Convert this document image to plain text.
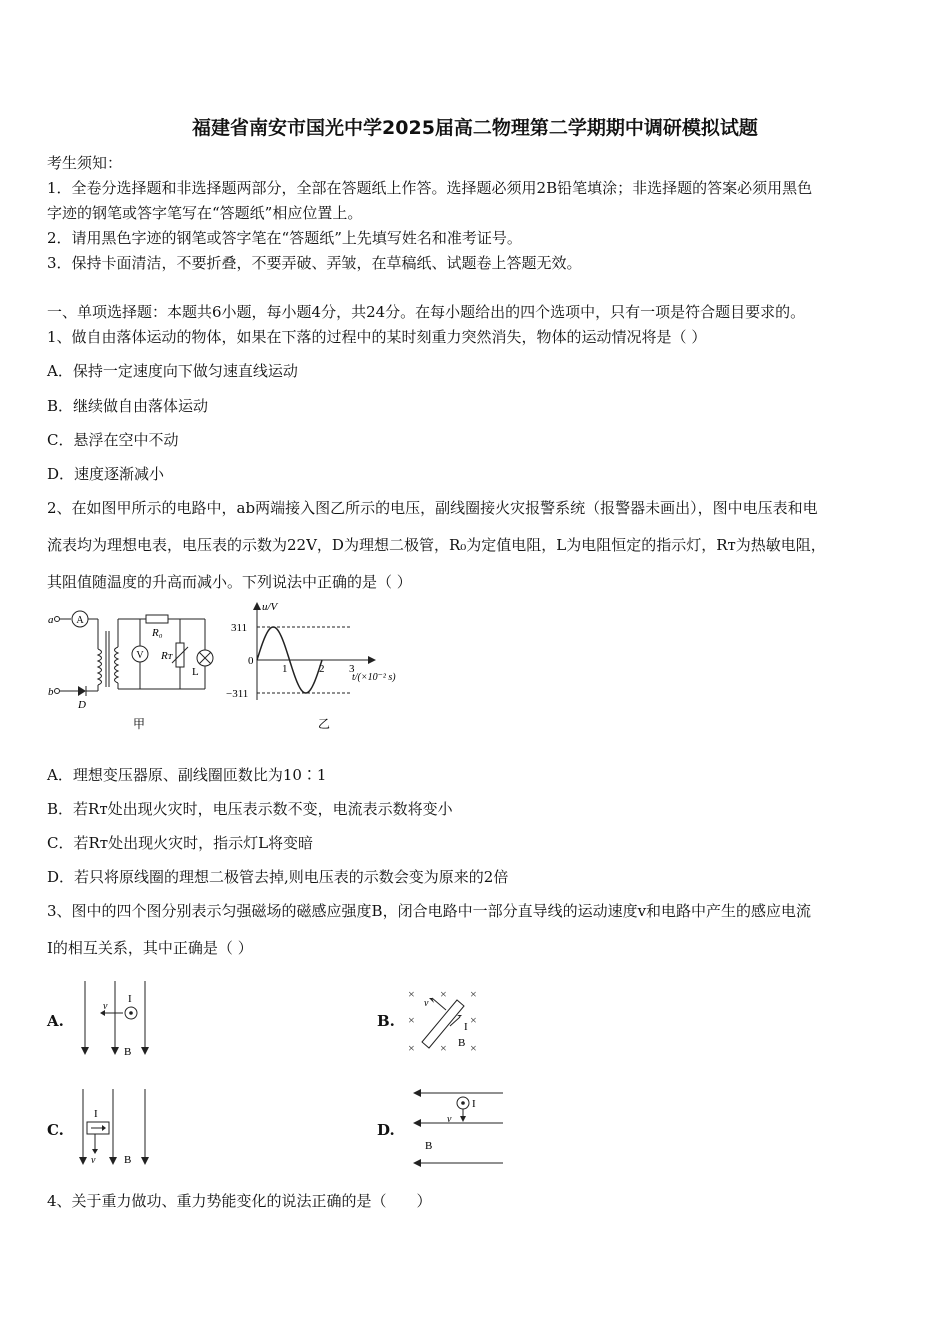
福建省南安市国光中学2025届高二物理第二学期期中调研模拟试题
考生须知：
1．全卷分选择题和非选择题两部分，全部在答题纸上作答。选择题必须用2B铅笔填涂；非选择题的答案必须用黑色
字迹的钢笔或答字笔写在“答题纸”相应位置上。
2．请用黑色字迹的钢笔或答字笔在“答题纸”上先填写姓名和准考证号。
3．保持卡面清洁，不要折叠，不要弄破、弄皱，在草稿纸、试题卷上答题无效。
一、单项选择题：本题共6小题，每小题4分，共24分。在每小题给出的四个选项中，只有一项是符合题目要求的。
1、做自由落体运动的物体，如果在下落的过程中的某时刻重力突然消失，物体的运动情况将是（ ）
A．保持一定速度向下做匀速直线运动
B．继续做自由落体运动
C．悬浮在空中不动
D．速度逐渐减小
2、在如图甲所示的电路中，ab两端接入图乙所示的电压，副线圈接火灾报警系统（报警器未画出），图中电压表和电
流表均为理想电表，电压表的示数为22V，D为理想二极管，R₀为定值电阻，L为电阻恒定的指示灯，Rᴛ为热敏电阻，
其阻值随温度的升高而减小。下列说法中正确的是（ ）
a
b
A
V
D
R₀
Rᴛ
L
甲
u/V
311
−311
0
1	2 3
t/(×10⁻² s)
乙
A．理想变压器原、副线圈匝数比为10∶1
B．若Rᴛ处出现火灾时，电压表示数不变，电流表示数将变小
C．若Rᴛ处出现火灾时，指示灯L将变暗
D．若只将原线圈的理想二极管去掉,则电压表的示数会变为原来的2倍
3、图中的四个图分别表示匀强磁场的磁感应强度B，闭合电路中一部分直导线的运动速度v和电路中产生的感应电流
I的相互关系，其中正确是（ ）
A.
v
I
B
B.
× × ×
×	×
× × ×
v
I
B
C.
I
v	B
D.
I
v
B
4、关于重力做功、重力势能变化的说法正确的是（　　）
